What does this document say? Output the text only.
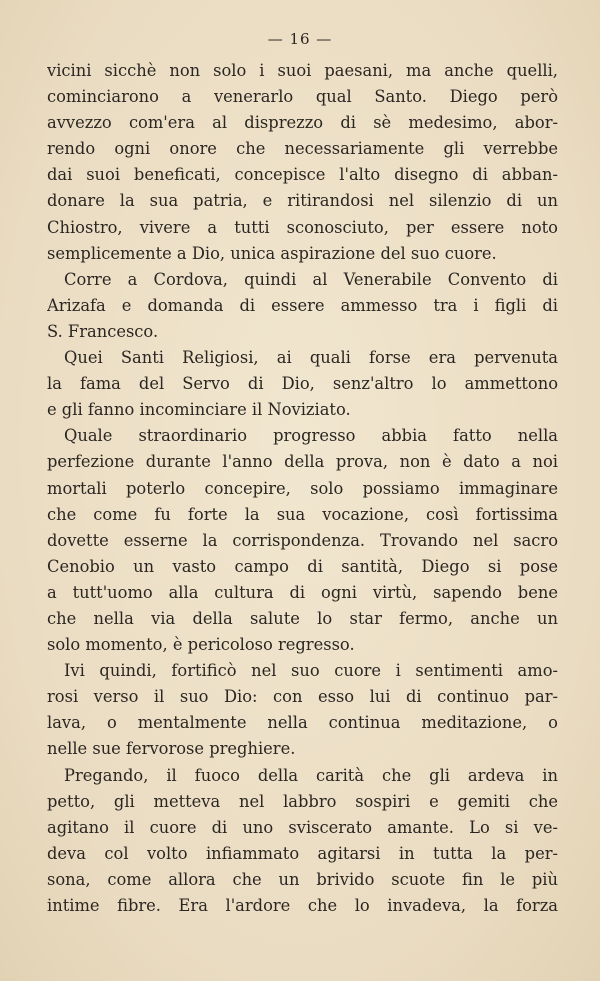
— 16 —
vicini sicchè non solo i suoi paesani, ma anche quelli,
cominciarono a venerarlo qual Santo. Diego però
avvezzo com'era al disprezzo di sè medesimo, abor-
rendo ogni onore che necessariamente gli verrebbe
dai suoi beneficati, concepisce l'alto disegno di abban-
donare la sua patria, e ritirandosi nel silenzio di un
Chiostro, vivere a tutti sconosciuto, per essere noto
semplicemente a Dio, unica aspirazione del suo cuore.
Corre a Cordova, quindi al Venerabile Convento di
Arizafa e domanda di essere ammesso tra i figli di
S. Francesco.
Quei Santi Religiosi, ai quali forse era pervenuta
la fama del Servo di Dio, senz'altro lo ammettono
e gli fanno incominciare il Noviziato.
Quale straordinario progresso abbia fatto nella
perfezione durante l'anno della prova, non è dato a noi
mortali poterlo concepire, solo possiamo immaginare
che come fu forte la sua vocazione, così fortissima
dovette esserne la corrispondenza. Trovando nel sacro
Cenobio un vasto campo di santità, Diego si pose
a tutt'uomo alla cultura di ogni virtù, sapendo bene
che nella via della salute lo star fermo, anche un
solo momento, è pericoloso regresso.
Ivi quindi, fortificò nel suo cuore i sentimenti amo-
rosi verso il suo Dio: con esso lui di continuo par-
lava, o mentalmente nella continua meditazione, o
nelle sue fervorose preghiere.
Pregando, il fuoco della carità che gli ardeva in
petto, gli metteva nel labbro sospiri e gemiti che
agitano il cuore di uno sviscerato amante. Lo si ve-
deva col volto infiammato agitarsi in tutta la per-
sona, come allora che un brivido scuote fin le più
intime fibre. Era l'ardore che lo invadeva, la forza
